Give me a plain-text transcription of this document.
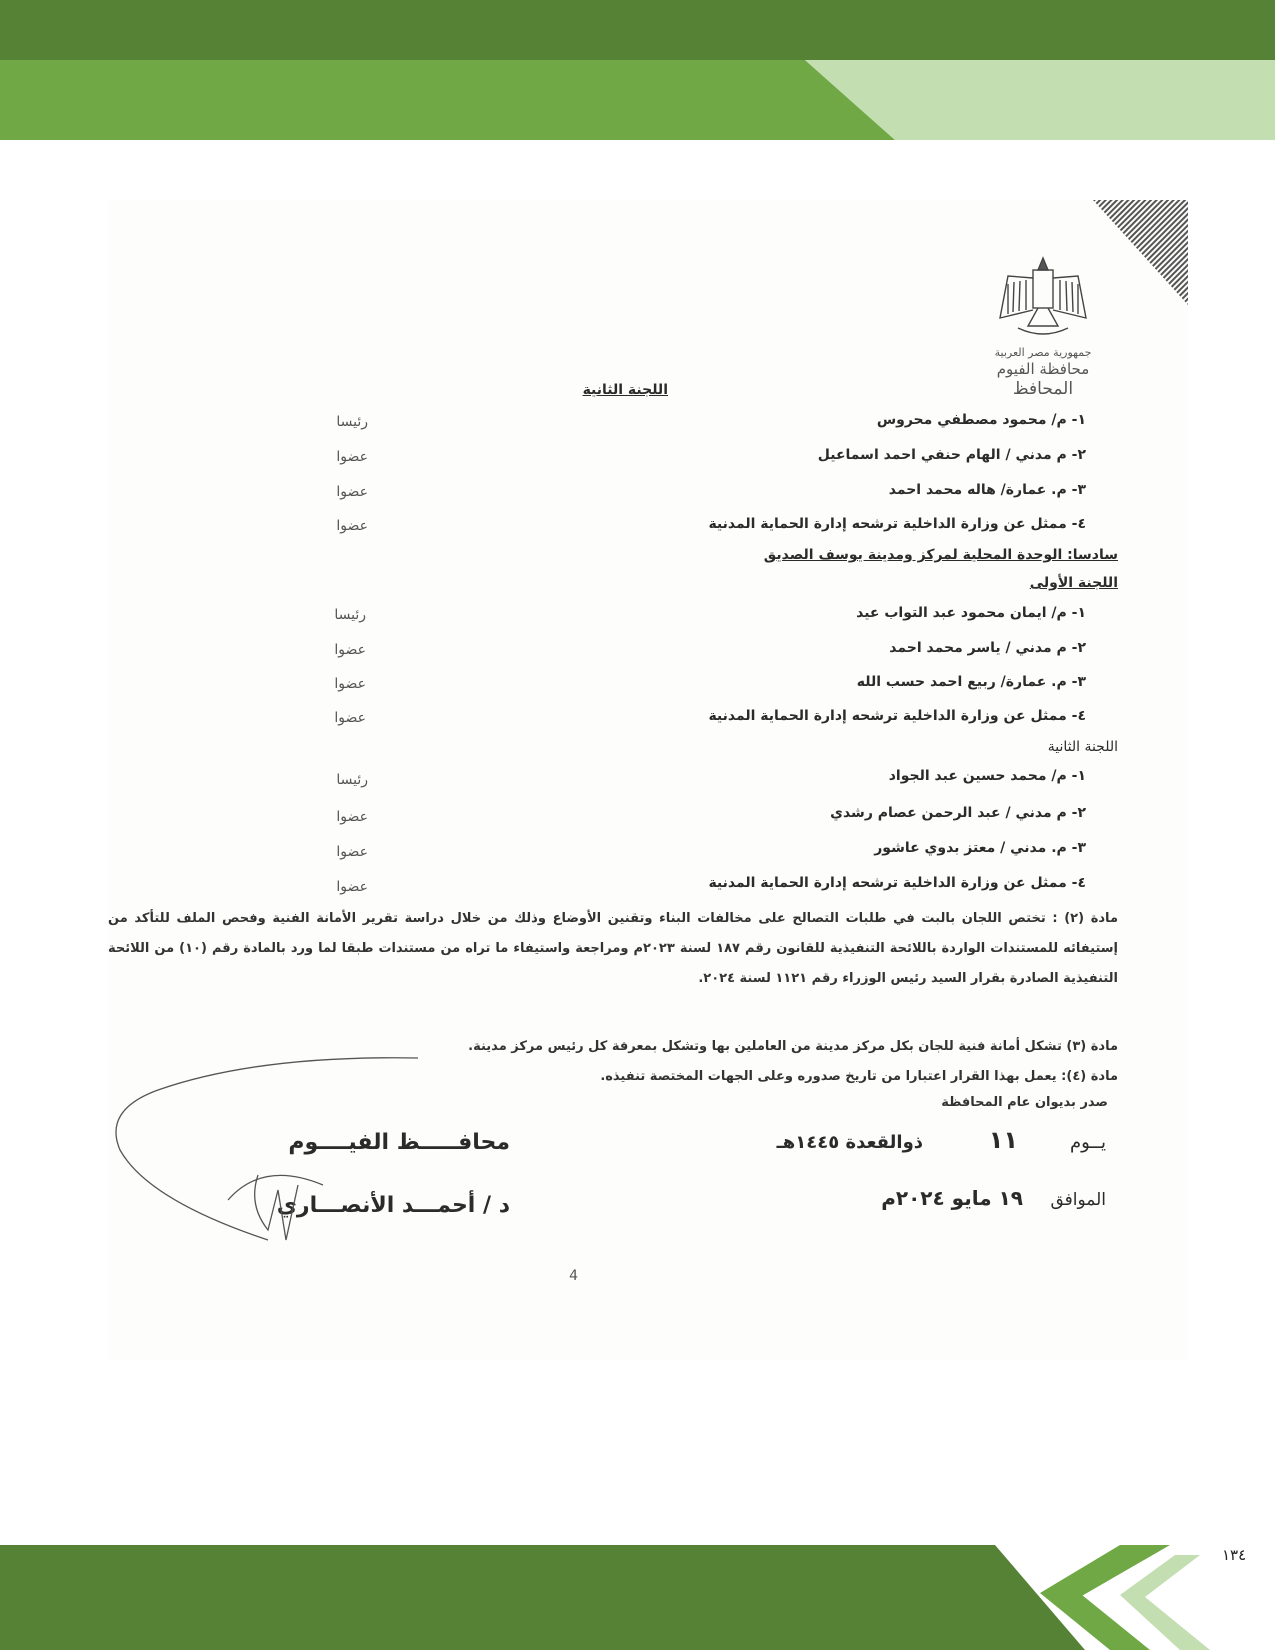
جمهورية مصر العربية
محافظة الفيوم
المحافظ
اللجنة الثانية
١- م/ محمود مصطفي محروس
رئيسا
٢- م مدني / الهام حنفي احمد اسماعيل
عضوا
٣- م. عمارة/ هاله محمد احمد
عضوا
٤- ممثل عن وزارة الداخلية ترشحه إدارة الحماية المدنية
عضوا
سادسا: الوحدة المحلية لمركز ومدينة يوسف الصديق
اللجنة الأولى
١- م/ ايمان محمود عبد التواب عيد
رئيسا
٢- م مدني / ياسر محمد احمد
عضوا
٣- م. عمارة/ ربيع احمد حسب الله
عضوا
٤- ممثل عن وزارة الداخلية ترشحه إدارة الحماية المدنية
عضوا
اللجنة الثانية
١- م/ محمد حسين عبد الجواد
رئيسا
٢- م مدني / عبد الرحمن عصام رشدي
عضوا
٣- م. مدني / معتز بدوي عاشور
عضوا
٤- ممثل عن وزارة الداخلية ترشحه إدارة الحماية المدنية
عضوا
مادة (٢) : تختص اللجان بالبت في طلبات التصالح على مخالفات البناء وتقنين الأوضاع وذلك من خلال دراسة تقرير الأمانة الفنية وفحص الملف للتأكد من إستيفائه للمستندات الواردة باللائحة التنفيذية للقانون رقم ١٨٧ لسنة ٢٠٢٣م ومراجعة واستيفاء ما تراه من مستندات طبقا لما ورد بالمادة رقم (١٠) من اللائحة التنفيذية الصادرة بقرار السيد رئيس الوزراء رقم ١١٢١ لسنة ٢٠٢٤.
مادة (٣) تشكل أمانة فنية للجان بكل مركز مدينة من العاملين بها وتشكل بمعرفة كل رئيس مركز مدينة.
مادة (٤): يعمل بهذا القرار اعتبارا من تاريخ صدوره وعلى الجهات المختصة تنفيذه.
صدر بديوان عام المحافظة
يــوم
١١
ذوالقعدة ١٤٤٥هـ
الموافق
١٩ مايو ٢٠٢٤م
محافـــــظ الفيــــوم
د / أحمـــد الأنصـــاري
4
١٣٤
